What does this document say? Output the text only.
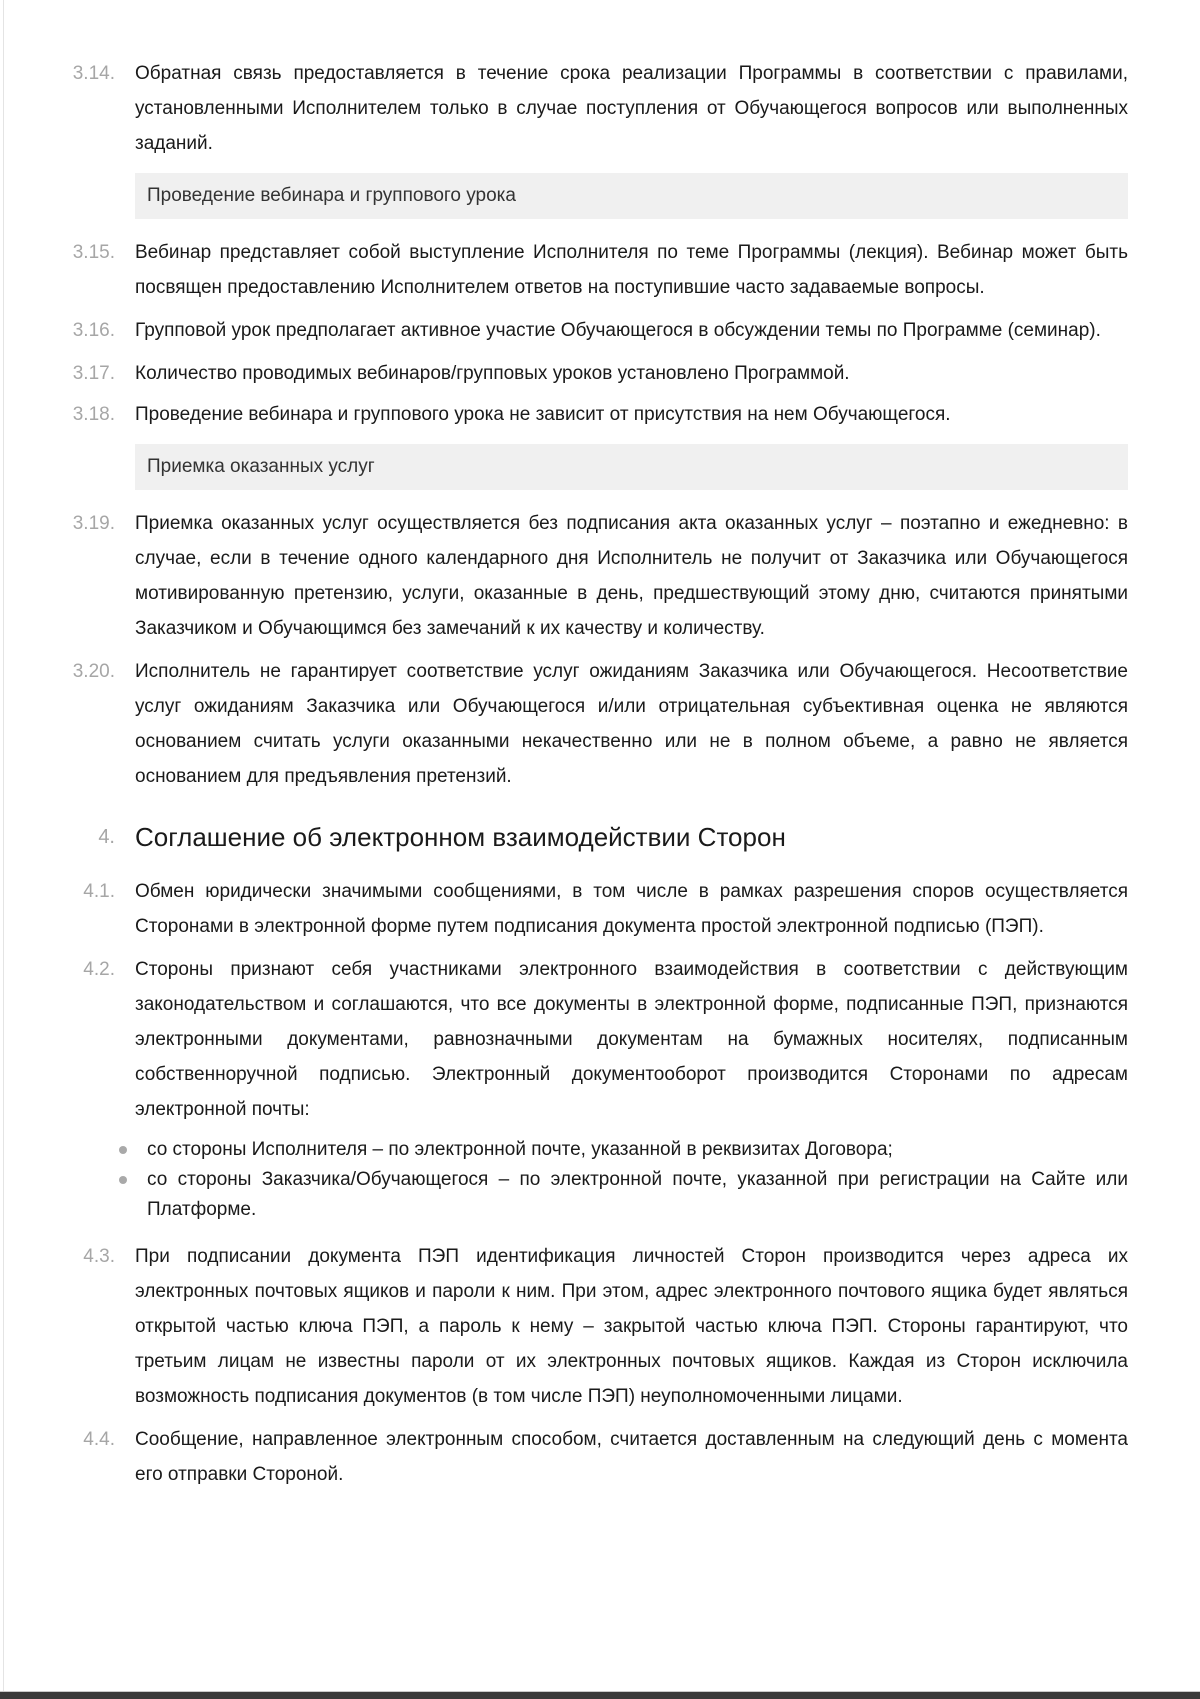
3.14. Обратная связь предоставляется в течение срока реализации Программы в соответствии с правилами, установленными Исполнителем только в случае поступления от Обучающегося вопросов или выполненных заданий.
Проведение вебинара и группового урока
3.15. Вебинар представляет собой выступление Исполнителя по теме Программы (лекция). Вебинар может быть посвящен предоставлению Исполнителем ответов на поступившие часто задаваемые вопросы.
3.16. Групповой урок предполагает активное участие Обучающегося в обсуждении темы по Программе (семинар).
3.17. Количество проводимых вебинаров/групповых уроков установлено Программой.
3.18. Проведение вебинара и группового урока не зависит от присутствия на нем Обучающегося.
Приемка оказанных услуг
3.19. Приемка оказанных услуг осуществляется без подписания акта оказанных услуг – поэтапно и ежедневно: в случае, если в течение одного календарного дня Исполнитель не получит от Заказчика или Обучающегося мотивированную претензию, услуги, оказанные в день, предшествующий этому дню, считаются принятыми Заказчиком и Обучающимся без замечаний к их качеству и количеству.
3.20. Исполнитель не гарантирует соответствие услуг ожиданиям Заказчика или Обучающегося. Несоответствие услуг ожиданиям Заказчика или Обучающегося и/или отрицательная субъективная оценка не являются основанием считать услуги оказанными некачественно или не в полном объеме, а равно не является основанием для предъявления претензий.
4. Соглашение об электронном взаимодействии Сторон
4.1. Обмен юридически значимыми сообщениями, в том числе в рамках разрешения споров осуществляется Сторонами в электронной форме путем подписания документа простой электронной подписью (ПЭП).
4.2. Стороны признают себя участниками электронного взаимодействия в соответствии с действующим законодательством и соглашаются, что все документы в электронной форме, подписанные ПЭП, признаются электронными документами, равнозначными документам на бумажных носителях, подписанным собственноручной подписью. Электронный документооборот производится Сторонами по адресам электронной почты:
со стороны Исполнителя – по электронной почте, указанной в реквизитах Договора;
со стороны Заказчика/Обучающегося – по электронной почте, указанной при регистрации на Сайте или Платформе.
4.3. При подписании документа ПЭП идентификация личностей Сторон производится через адреса их электронных почтовых ящиков и пароли к ним. При этом, адрес электронного почтового ящика будет являться открытой частью ключа ПЭП, а пароль к нему – закрытой частью ключа ПЭП. Стороны гарантируют, что третьим лицам не известны пароли от их электронных почтовых ящиков. Каждая из Сторон исключила возможность подписания документов (в том числе ПЭП) неуполномоченными лицами.
4.4. Сообщение, направленное электронным способом, считается доставленным на следующий день с момента его отправки Стороной.
